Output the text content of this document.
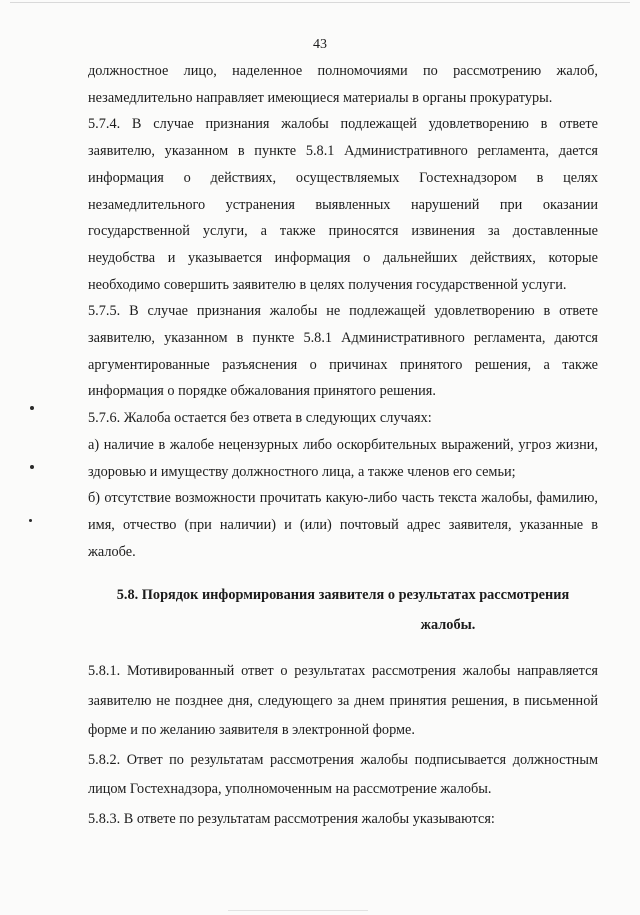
43

должностное лицо, наделенное полномочиями по рассмотрению жалоб, незамедлительно направляет имеющиеся материалы в органы прокуратуры.

5.7.4. В случае признания жалобы подлежащей удовлетворению в ответе заявителю, указанном в пункте 5.8.1 Административного регламента, дается информация о действиях, осуществляемых Гостехнадзором в целях незамедлительного устранения выявленных нарушений при оказании государственной услуги, а также приносятся извинения за доставленные неудобства и указывается информация о дальнейших действиях, которые необходимо совершить заявителю в целях получения государственной услуги.

5.7.5. В случае признания жалобы не подлежащей удовлетворению в ответе заявителю, указанном в пункте 5.8.1 Административного регламента, даются аргументированные разъяснения о причинах принятого решения, а также информация о порядке обжалования принятого решения.

5.7.6. Жалоба остается без ответа в следующих случаях:

а) наличие в жалобе нецензурных либо оскорбительных выражений, угроз жизни, здоровью и имуществу должностного лица, а также членов его семьи;

б) отсутствие возможности прочитать какую-либо часть текста жалобы, фамилию, имя, отчество (при наличии) и (или) почтовый адрес заявителя, указанные в жалобе.

5.8. Порядок информирования заявителя о результатах рассмотрения
жалобы.

5.8.1. Мотивированный ответ о результатах рассмотрения жалобы направляется заявителю не позднее дня, следующего за днем принятия решения, в письменной форме и по желанию заявителя в электронной форме.

5.8.2. Ответ по результатам рассмотрения жалобы подписывается должностным лицом Гостехнадзора, уполномоченным на рассмотрение жалобы.

5.8.3. В ответе по результатам рассмотрения жалобы указываются:
